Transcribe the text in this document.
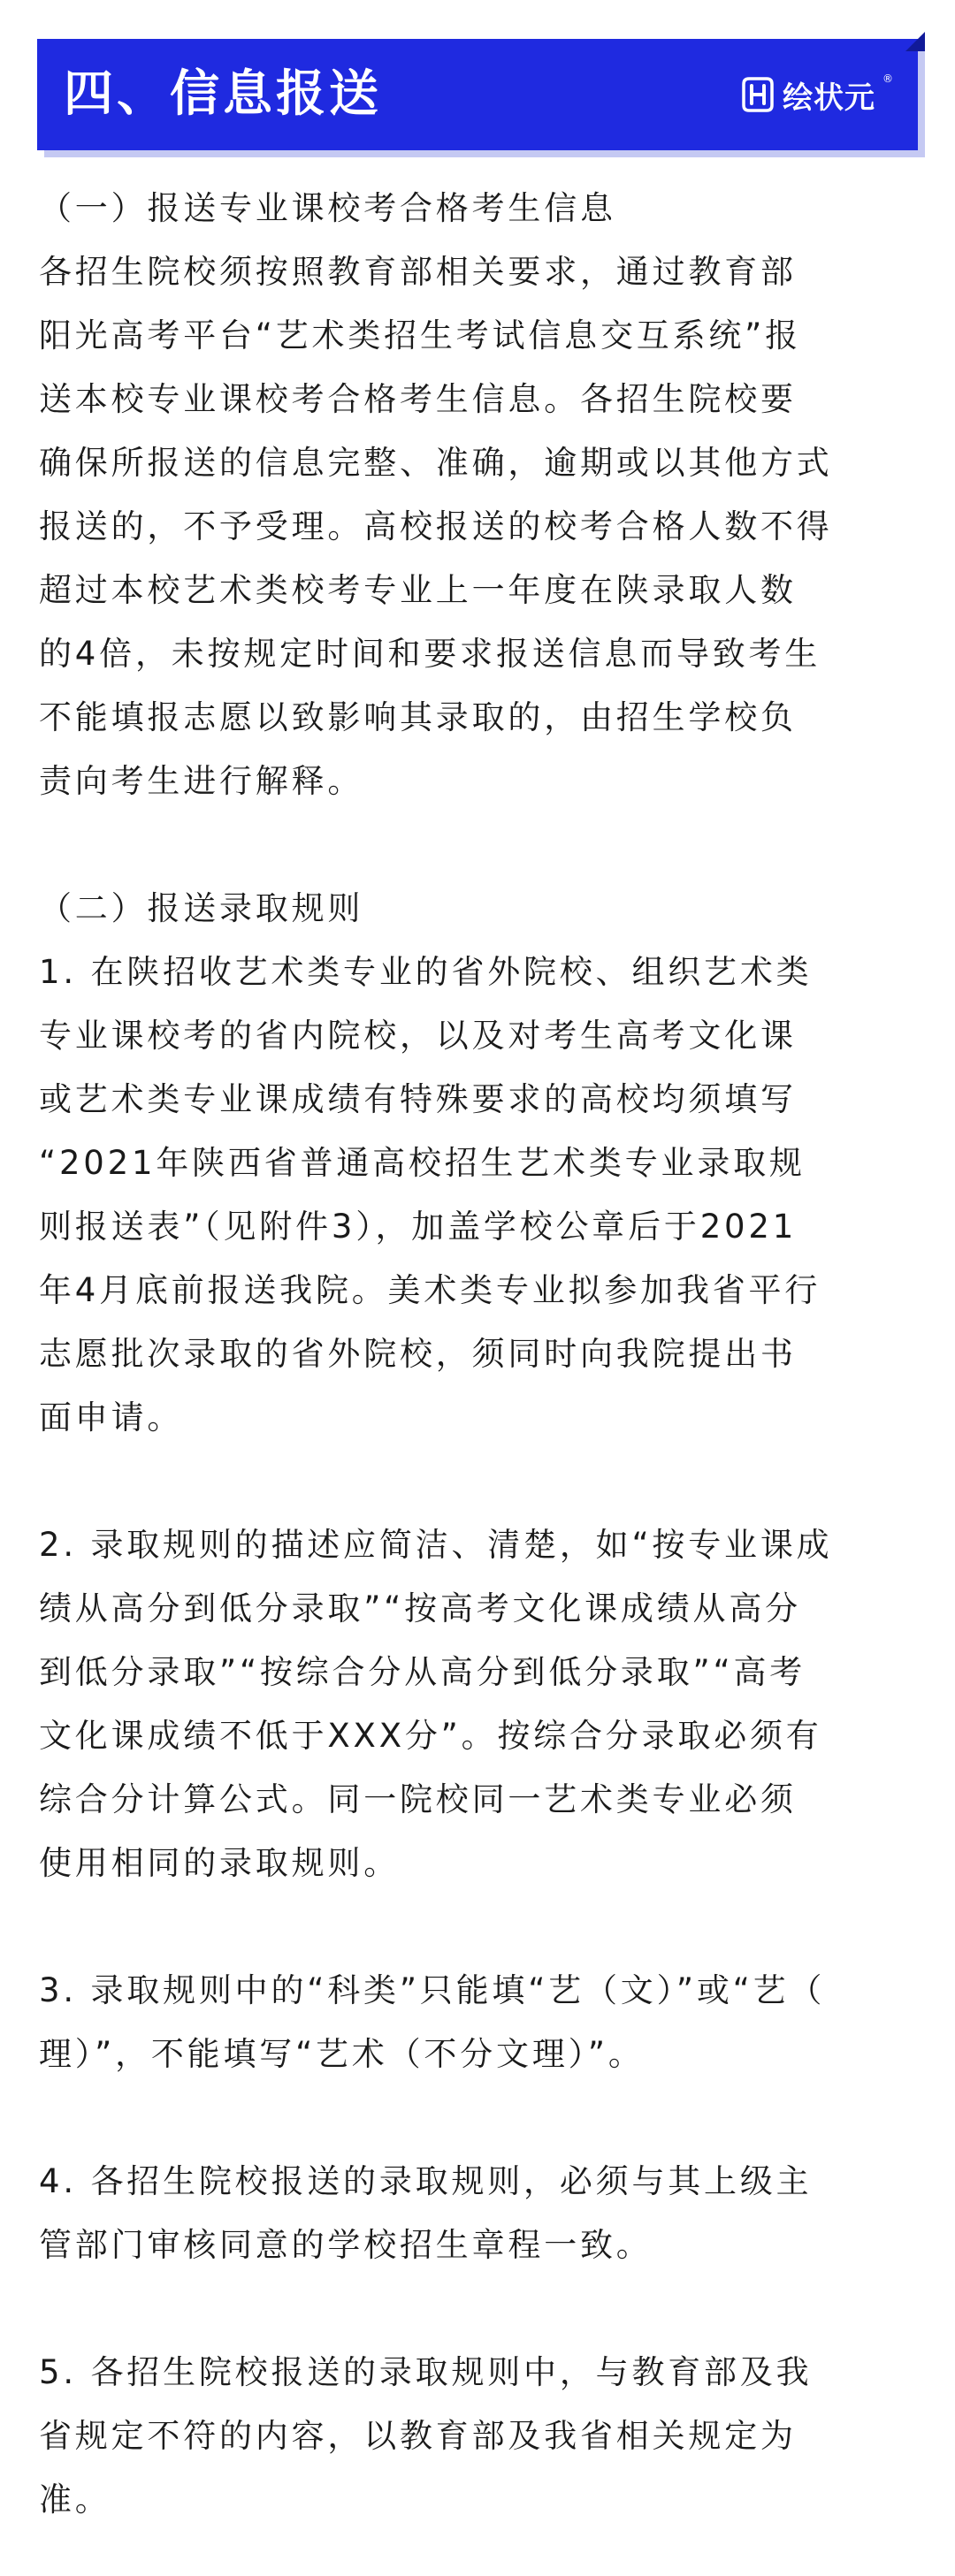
四、信息报送	绘状元
®
（一）报送专业课校考合格考生信息
各招生院校须按照教育部相关要求，通过教育部
阳光高考平台“艺术类招生考试信息交互系统”报
送本校专业课校考合格考生信息。各招生院校要
确保所报送的信息完整、准确，逾期或以其他方式
报送的，不予受理。高校报送的校考合格人数不得
超过本校艺术类校考专业上一年度在陕录取人数
的4倍，未按规定时间和要求报送信息而导致考生
不能填报志愿以致影响其录取的，由招生学校负
责向考生进行解释。
（二）报送录取规则
1. 在陕招收艺术类专业的省外院校、组织艺术类
专业课校考的省内院校，以及对考生高考文化课
或艺术类专业课成绩有特殊要求的高校均须填写
“2021年陕西省普通高校招生艺术类专业录取规
则报送表”（见附件3），加盖学校公章后于2021
年4月底前报送我院。美术类专业拟参加我省平行
志愿批次录取的省外院校，须同时向我院提出书
面申请。
2. 录取规则的描述应简洁、清楚，如“按专业课成
绩从高分到低分录取”“按高考文化课成绩从高分
到低分录取”“按综合分从高分到低分录取”“高考
文化课成绩不低于XXX分”。按综合分录取必须有
综合分计算公式。同一院校同一艺术类专业必须
使用相同的录取规则。
3. 录取规则中的“科类”只能填“艺（文）”或“艺（
理）”，不能填写“艺术（不分文理）”。
4. 各招生院校报送的录取规则，必须与其上级主
管部门审核同意的学校招生章程一致。
5. 各招生院校报送的录取规则中，与教育部及我
省规定不符的内容，以教育部及我省相关规定为
准。
